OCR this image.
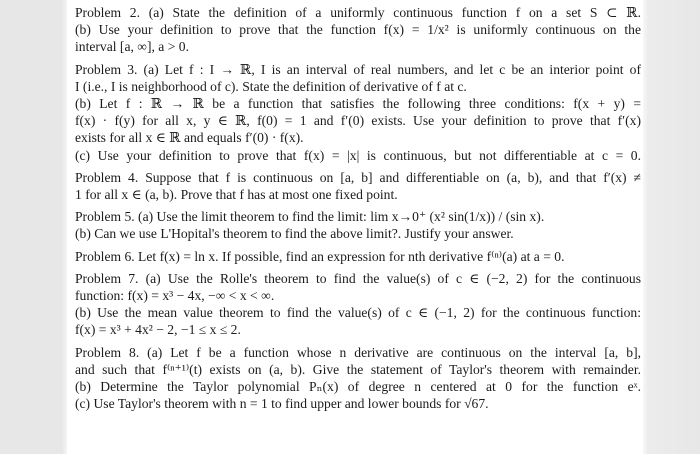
Problem 2. (a) State the definition of a uniformly continuous function f on a set S ⊂ ℝ.
(b) Use your definition to prove that the function f(x) = 1/x² is uniformly continuous on the
interval [a, ∞], a > 0.
Problem 3. (a) Let f : I → ℝ, I is an interval of real numbers, and let c be an interior point of
I (i.e., I is neighborhood of c). State the definition of derivative of f at c.
(b) Let f : ℝ → ℝ be a function that satisfies the following three conditions: f(x + y) =
f(x) · f(y) for all x, y ∈ ℝ, f(0) = 1 and f′(0) exists. Use your definition to prove that f′(x)
exists for all x ∈ ℝ and equals f′(0) · f(x).
(c) Use your definition to prove that f(x) = |x| is continuous, but not differentiable at c = 0.
Problem 4. Suppose that f is continuous on [a, b] and differentiable on (a, b), and that f′(x) ≠
1 for all x ∈ (a, b). Prove that f has at most one fixed point.
Problem 5. (a) Use the limit theorem to find the limit: lim x→0⁺ (x² sin(1/x)) / (sin x).
(b) Can we use L'Hopital's theorem to find the above limit?. Justify your answer.
Problem 6. Let f(x) = ln x. If possible, find an expression for nth derivative f⁽ⁿ⁾(a) at a = 0.
Problem 7. (a) Use the Rolle's theorem to find the value(s) of c ∈ (−2, 2) for the continuous
function: f(x) = x³ − 4x, −∞ < x < ∞.
(b) Use the mean value theorem to find the value(s) of c ∈ (−1, 2) for the continuous function:
f(x) = x³ + 4x² − 2, −1 ≤ x ≤ 2.
Problem 8. (a) Let f be a function whose n derivative are continuous on the interval [a, b],
and such that f⁽ⁿ⁺¹⁾(t) exists on (a, b). Give the statement of Taylor's theorem with remainder.
(b) Determine the Taylor polynomial Pₙ(x) of degree n centered at 0 for the function eˣ.
(c) Use Taylor's theorem with n = 1 to find upper and lower bounds for √67.
